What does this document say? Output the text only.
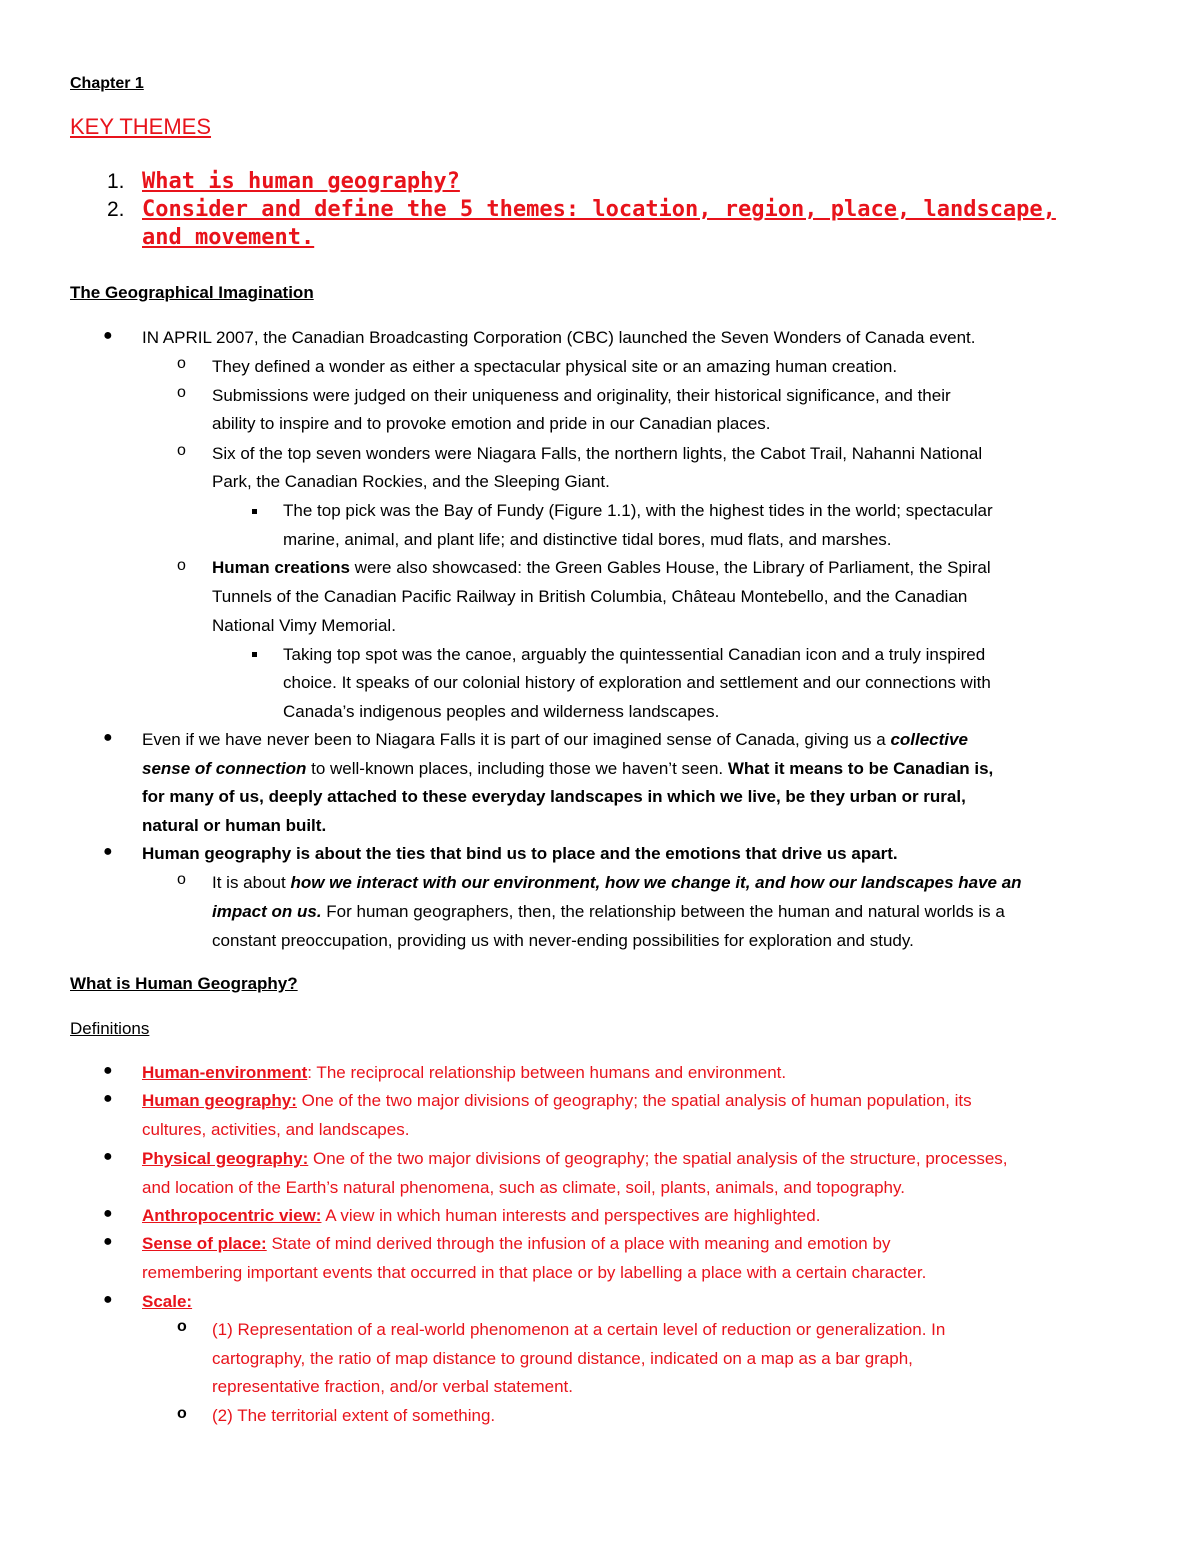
Chapter 1
KEY THEMES
1. What is human geography?
2. Consider and define the 5 themes: location, region, place, landscape,
and movement.
The Geographical Imagination
● IN APRIL 2007, the Canadian Broadcasting Corporation (CBC) launched the Seven Wonders of Canada event.
o They defined a wonder as either a spectacular physical site or an amazing human creation.
o Submissions were judged on their uniqueness and originality, their historical significance, and their
ability to inspire and to provoke emotion and pride in our Canadian places.
o Six of the top seven wonders were Niagara Falls, the northern lights, the Cabot Trail, Nahanni National
Park, the Canadian Rockies, and the Sleeping Giant.
The top pick was the Bay of Fundy (Figure 1.1), with the highest tides in the world; spectacular
marine, animal, and plant life; and distinctive tidal bores, mud flats, and marshes.
o Human creations were also showcased: the Green Gables House, the Library of Parliament, the Spiral
Tunnels of the Canadian Pacific Railway in British Columbia, Château Montebello, and the Canadian
National Vimy Memorial.
Taking top spot was the canoe, arguably the quintessential Canadian icon and a truly inspired
choice. It speaks of our colonial history of exploration and settlement and our connections with
Canada’s indigenous peoples and wilderness landscapes.
● Even if we have never been to Niagara Falls it is part of our imagined sense of Canada, giving us a collective
sense of connection to well-known places, including those we haven’t seen. What it means to be Canadian is,
for many of us, deeply attached to these everyday landscapes in which we live, be they urban or rural,
natural or human built.
● Human geography is about the ties that bind us to place and the emotions that drive us apart.
o It is about how we interact with our environment, how we change it, and how our landscapes have an
impact on us. For human geographers, then, the relationship between the human and natural worlds is a
constant preoccupation, providing us with never-ending possibilities for exploration and study.
What is Human Geography?
Definitions
● Human-environment: The reciprocal relationship between humans and environment.
● Human geography: One of the two major divisions of geography; the spatial analysis of human population, its
cultures, activities, and landscapes.
● Physical geography: One of the two major divisions of geography; the spatial analysis of the structure, processes,
and location of the Earth’s natural phenomena, such as climate, soil, plants, animals, and topography.
● Anthropocentric view: A view in which human interests and perspectives are highlighted.
● Sense of place: State of mind derived through the infusion of a place with meaning and emotion by
remembering important events that occurred in that place or by labelling a place with a certain character.
● Scale:
o (1) Representation of a real-world phenomenon at a certain level of reduction or generalization. In
cartography, the ratio of map distance to ground distance, indicated on a map as a bar graph,
representative fraction, and/or verbal statement.
o (2) The territorial extent of something.
